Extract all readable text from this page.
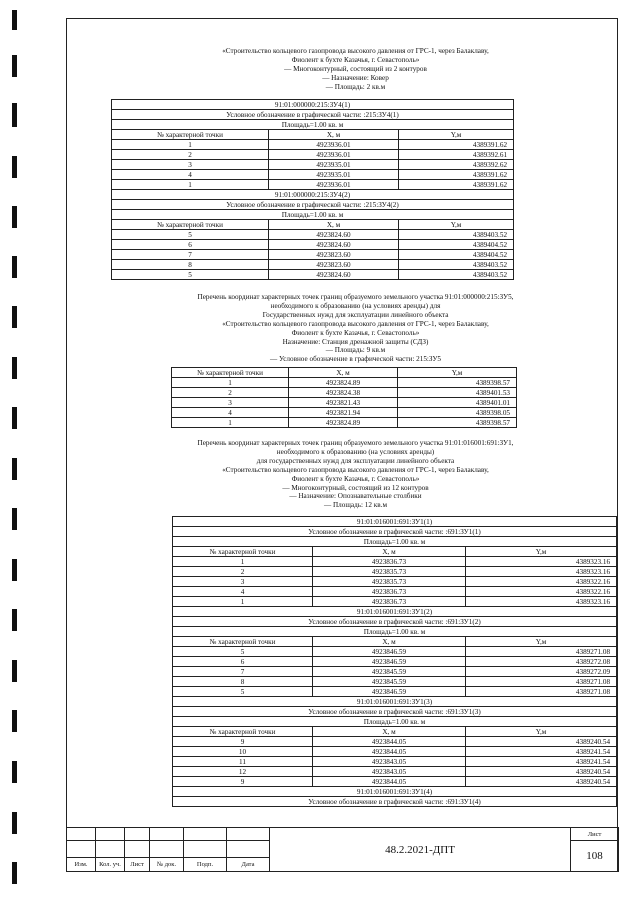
«Строительство кольцевого газопровода высокого давления от ГРС-1, через Балаклаву,
Фиолент к бухте Казачья, г. Севастополь»
— Многоконтурный, состоящий из 2 контуров
— Назначение: Ковер
— Площадь: 2 кв.м
91:01:000000:215:ЗУ4(1)		
Условное обозначение в графической части: :215:ЗУ4(1)		
Площадь=1.00 кв. м		
№ характерной точки	X, м	Y,м
1	4923936.01	4389391.62
2	4923936.01	4389392.61
3	4923935.01	4389392.62
4	4923935.01	4389391.62
1	4923936.01	4389391.62
91:01:000000:215:ЗУ4(2)		
Условное обозначение в графической части: :215:ЗУ4(2)		
Площадь=1.00 кв. м		
№ характерной точки	X, м	Y,м
5	4923824.60	4389403.52
6	4923824.60	4389404.52
7	4923823.60	4389404.52
8	4923823.60	4389403.52
5	4923824.60	4389403.52
Перечень координат характерных точек границ образуемого земельного участка 91:01:000000:215:ЗУ5,
необходимого к образованию (на условиях аренды) для
Государственных нужд для эксплуатации линейного объекта
«Строительство кольцевого газопровода высокого давления от ГРС-1, через Балаклаву,
Фиолент к бухте Казачья, г. Севастополь»
Назначение: Станция дренажной защиты (СДЗ)
— Площадь: 9 кв.м
— Условное обозначение в графической части: 215:ЗУ5
№ характерной точки	X, м	Y,м
1	4923824.89	4389398.57
2	4923824.38	4389401.53
3	4923821.43	4389401.01
4	4923821.94	4389398.05
1	4923824.89	4389398.57
Перечень координат характерных точек границ образуемого земельного участка 91:01:016001:691:ЗУ1,
необходимого к образованию (на условиях аренды)
для государственных нужд для эксплуатации линейного объекта
«Строительство кольцевого газопровода высокого давления от ГРС-1, через Балаклаву,
Фиолент к бухте Казачья, г. Севастополь»
— Многоконтурный, состоящий из 12 контуров
— Назначение: Опознавательные столбики
— Площадь: 12 кв.м
91:01:016001:691:ЗУ1(1)		
Условное обозначение в графической части: :691:ЗУ1(1)		
Площадь=1.00 кв. м		
№ характерной точки	X, м	Y,м
1	4923836.73	4389323.16
2	4923835.73	4389323.16
3	4923835.73	4389322.16
4	4923836.73	4389322.16
1	4923836.73	4389323.16
91:01:016001:691:ЗУ1(2)		
Условное обозначение в графической части: :691:ЗУ1(2)		
Площадь=1.00 кв. м		
№ характерной точки	X, м	Y,м
5	4923846.59	4389271.08
6	4923846.59	4389272.08
7	4923845.59	4389272.09
8	4923845.59	4389271.08
5	4923846.59	4389271.08
91:01:016001:691:ЗУ1(3)		
Условное обозначение в графической части: :691:ЗУ1(3)		
Площадь=1.00 кв. м		
№ характерной точки	X, м	Y,м
9	4923844.05	4389240.54
10	4923844.05	4389241.54
11	4923843.05	4389241.54
12	4923843.05	4389240.54
9	4923844.05	4389240.54
91:01:016001:691:ЗУ1(4)		
Условное обозначение в графической части: :691:ЗУ1(4)		
						48.2.2021-ДПТ	Лист
							108
Изм.	Кол. уч.	Лист	№ док.	Подп.	Дата		
